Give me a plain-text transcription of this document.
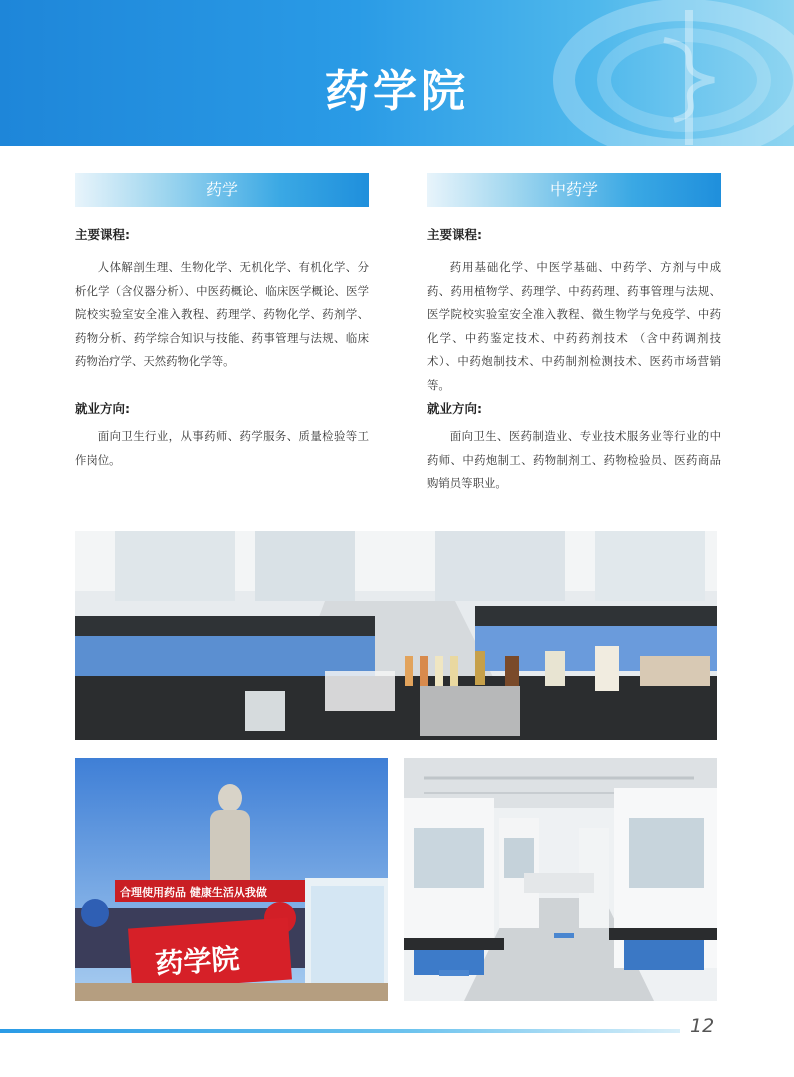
药学院
药学

主要课程:

人体解剖生理、生物化学、无机化学、有机化学、分析化学（含仪器分析）、中医药概论、临床医学概论、医学院校实验室安全准入教程、药理学、药物化学、药剂学、药物分析、药学综合知识与技能、药事管理与法规、临床药物治疗学、天然药物化学等。

就业方向:

面向卫生行业，从事药师、药学服务、质量检验等工作岗位。

中药学

主要课程:

药用基础化学、中医学基础、中药学、方剂与中成药、药用植物学、药理学、中药药理、药事管理与法规、医学院校实验室安全准入教程、微生物学与免疫学、中药化学、中药鉴定技术、中药药剂技术 （含中药调剂技术）、中药炮制技术、中药制剂检测技术、医药市场营销等。

就业方向:

面向卫生、医药制造业、专业技术服务业等行业的中药师、中药炮制工、药物制剂工、药物检验员、医药商品购销员等职业。

合理使用药品 健康生活从我做
药学院
12
